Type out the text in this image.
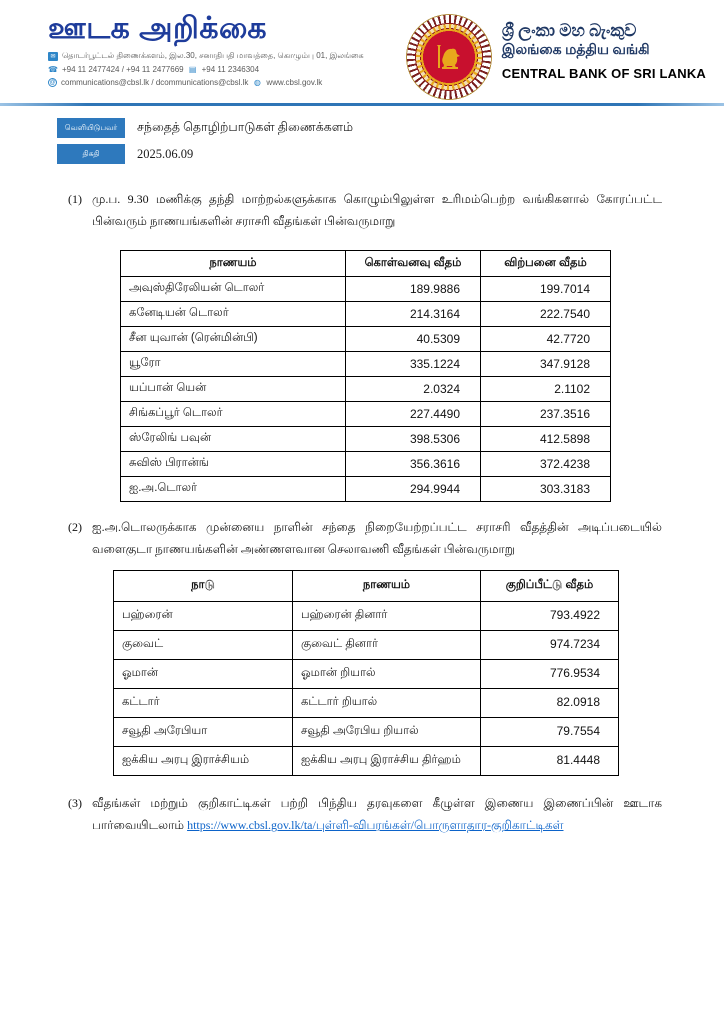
ஊடக அறிக்கை
✉ தொடர்பூட்டல் திணைக்களம், இல.30, சனாதிபதி மாவத்தை, கொழும்பு 01, இலங்கை
☎ +94 11 2477424 / +94 11 2477669 ▤ +94 11 2346304
@ communications@cbsl.lk / dcommunications@cbsl.lk ◍ www.cbsl.gov.lk
ශ්‍රී ලංකා මහ බැංකුව
இலங்கை மத்திய வங்கி
CENTRAL BANK OF SRI LANKA
வெளியிடுபவர்	சந்தைத் தொழிற்பாடுகள் திணைக்களம்
திகதி	2025.06.09
(1) மு.ப. 9.30 மணிக்கு தந்தி மாற்றல்களுக்காக கொழும்பிலுள்ள உரிமம்பெற்ற வங்கிகளால் கோரப்பட்ட பின்வரும் நாணயங்களின் சராசரி வீதங்கள் பின்வருமாறு
நாணயம்	கொள்வனவு வீதம்	விற்பனை வீதம்
அவுஸ்திரேலியன் டொலர்	189.9886	199.7014
கனேடியன் டொலர்	214.3164	222.7540
சீன யுவான் (ரென்மின்பி)	40.5309	42.7720
யூரோ	335.1224	347.9128
யப்பான் யென்	2.0324	2.1102
சிங்கப்பூர் டொலர்	227.4490	237.3516
ஸ்ரேலிங் பவுன்	398.5306	412.5898
சுவிஸ் பிரான்ங்	356.3616	372.4238
ஐ.அ.டொலர்	294.9944	303.3183
(2) ஐ.அ.டொலருக்காக முன்னைய நாளின் சந்தை நிறையேற்றப்பட்ட சராசரி வீதத்தின் அடிப்படையில் வளைகுடா நாணயங்களின் அண்ணளவான செலாவணி வீதங்கள் பின்வருமாறு
நாடு	நாணயம்	குறிப்பீட்டு வீதம்
பஹ்ரைன்	பஹ்ரைன் தினார்	793.4922
குவைட்	குவைட் தினார்	974.7234
ஓமான்	ஓமான் றியால்	776.9534
கட்டார்	கட்டார் றியால்	82.0918
சவூதி அரேபியா	சவூதி அரேபிய றியால்	79.7554
ஐக்கிய அரபு இராச்சியம்	ஐக்கிய அரபு இராச்சிய திர்ஹம்	81.4448
(3) வீதங்கள் மற்றும் குறிகாட்டிகள் பற்றி பிந்திய தரவுகளை கீழுள்ள இணைய இணைப்பின் ஊடாக பார்வையிடலாம் https://www.cbsl.gov.lk/ta/புள்ளி-விபரங்கள்/பொருளாதார-குறிகாட்டிகள்
